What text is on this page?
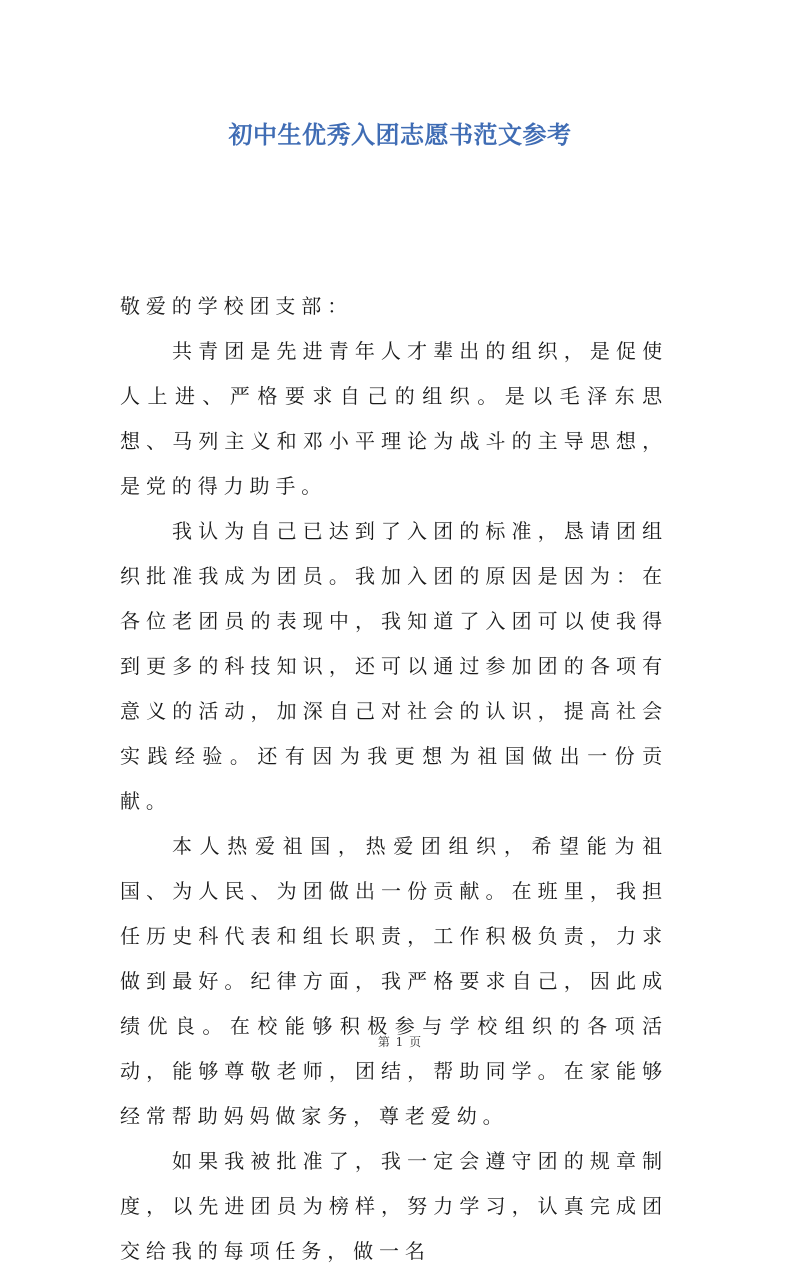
初中生优秀入团志愿书范文参考

敬爱的学校团支部：

共青团是先进青年人才辈出的组织，是促使人上进、严格要求自己的组织。是以毛泽东思想、马列主义和邓小平理论为战斗的主导思想，是党的得力助手。

我认为自己已达到了入团的标准，恳请团组织批准我成为团员。我加入团的原因是因为：在各位老团员的表现中，我知道了入团可以使我得到更多的科技知识，还可以通过参加团的各项有意义的活动，加深自己对社会的认识，提高社会实践经验。还有因为我更想为祖国做出一份贡献。

本人热爱祖国，热爱团组织，希望能为祖国、为人民、为团做出一份贡献。在班里，我担任历史科代表和组长职责，工作积极负责，力求做到最好。纪律方面，我严格要求自己，因此成绩优良。在校能够积极参与学校组织的各项活动，能够尊敬老师，团结，帮助同学。在家能够经常帮助妈妈做家务，尊老爱幼。

如果我被批准了，我一定会遵守团的规章制度，以先进团员为榜样，努力学习，认真完成团交给我的每项任务，做一名

第 1 页
